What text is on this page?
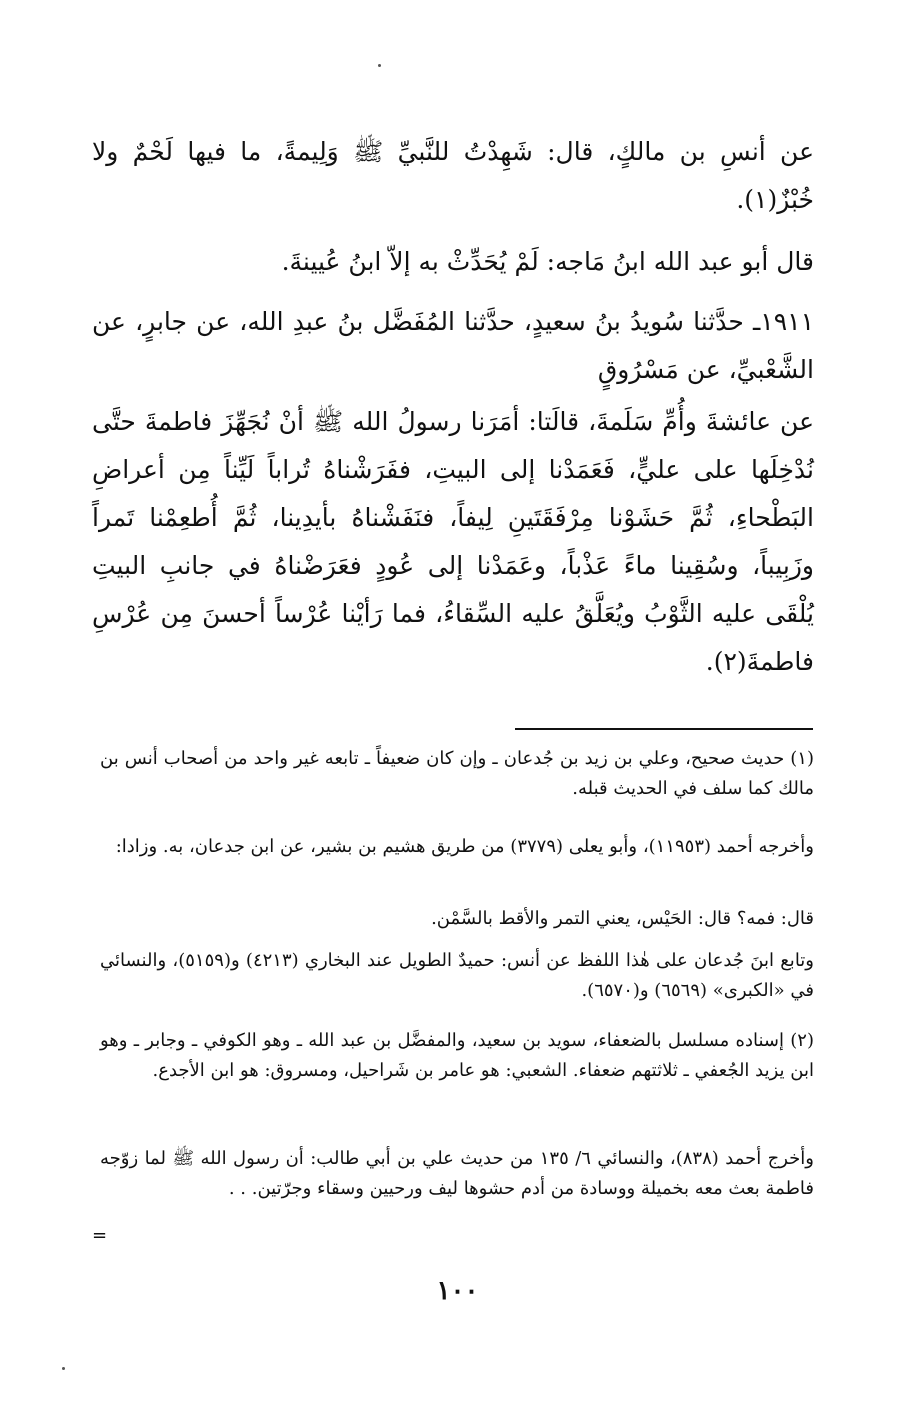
عن أنسِ بن مالكٍ، قال: شَهِدْتُ للنَّبيِّ ﷺ وَلِيمةً، ما فيها لَحْمٌ ولا خُبْزٌ(١).

قال أبو عبد الله ابنُ مَاجه: لَمْ يُحَدِّثْ به إلاّ ابنُ عُيينةَ.

١٩١١ـ حدَّثنا سُويدُ بنُ سعيدٍ، حدَّثنا المُفَضَّل بنُ عبدِ الله، عن جابرٍ، عن الشَّعْبيِّ، عن مَسْرُوقٍ

عن عائشةَ وأُمِّ سَلَمةَ، قالَتا: أمَرَنا رسولُ الله ﷺ أنْ نُجَهِّزَ فاطمةَ حتَّى نُدْخِلَها على عليٍّ، فَعَمَدْنا إلى البيتِ، ففَرَشْناهُ تُراباً لَيِّناً مِن أعراضِ البَطْحاءِ، ثُمَّ حَشَوْنا مِرْفَقَتَينِ لِيفاً، فنَفَشْناهُ بأيدِينا، ثُمَّ أُطعِمْنا تَمراً وزَبِيباً، وسُقِينا ماءً عَذْباً، وعَمَدْنا إلى عُودٍ فعَرَضْناهُ في جانبِ البيتِ يُلْقَى عليه الثَّوْبُ ويُعَلَّقُ عليه السِّقاءُ، فما رَأيْنا عُرْساً أحسنَ مِن عُرْسِ فاطمةَ(٢).

(١) حديث صحيح، وعلي بن زيد بن جُدعان ـ وإن كان ضعيفاً ـ تابعه غير واحد من أصحاب أنس بن مالك كما سلف في الحديث قبله.

وأخرجه أحمد (١١٩٥٣)، وأبو يعلى (٣٧٧٩) من طريق هشيم بن بشير، عن ابن جدعان، به. وزادا:

قال: فمه؟ قال: الحَيْس، يعني التمر والأقط بالسَّمْن.

وتابع ابنَ جُدعان على هٰذا اللفظ عن أنس: حميدٌ الطويل عند البخاري (٤٢١٣) و(٥١٥٩)، والنسائي في «الكبرى» (٦٥٦٩) و(٦٥٧٠).

(٢) إسناده مسلسل بالضعفاء، سويد بن سعيد، والمفضَّل بن عبد الله ـ وهو الكوفي ـ وجابر ـ وهو ابن يزيد الجُعفي ـ ثلاثتهم ضعفاء. الشعبي: هو عامر بن شَراحيل، ومسروق: هو ابن الأجدع.

وأخرج أحمد (٨٣٨)، والنسائي ٦/ ١٣٥ من حديث علي بن أبي طالب: أن رسول الله ﷺ لما زوّجه فاطمة بعث معه بخميلة ووسادة من أدم حشوها ليف ورحيين وسقاء وجرّتين. . .

=
١٠٠
